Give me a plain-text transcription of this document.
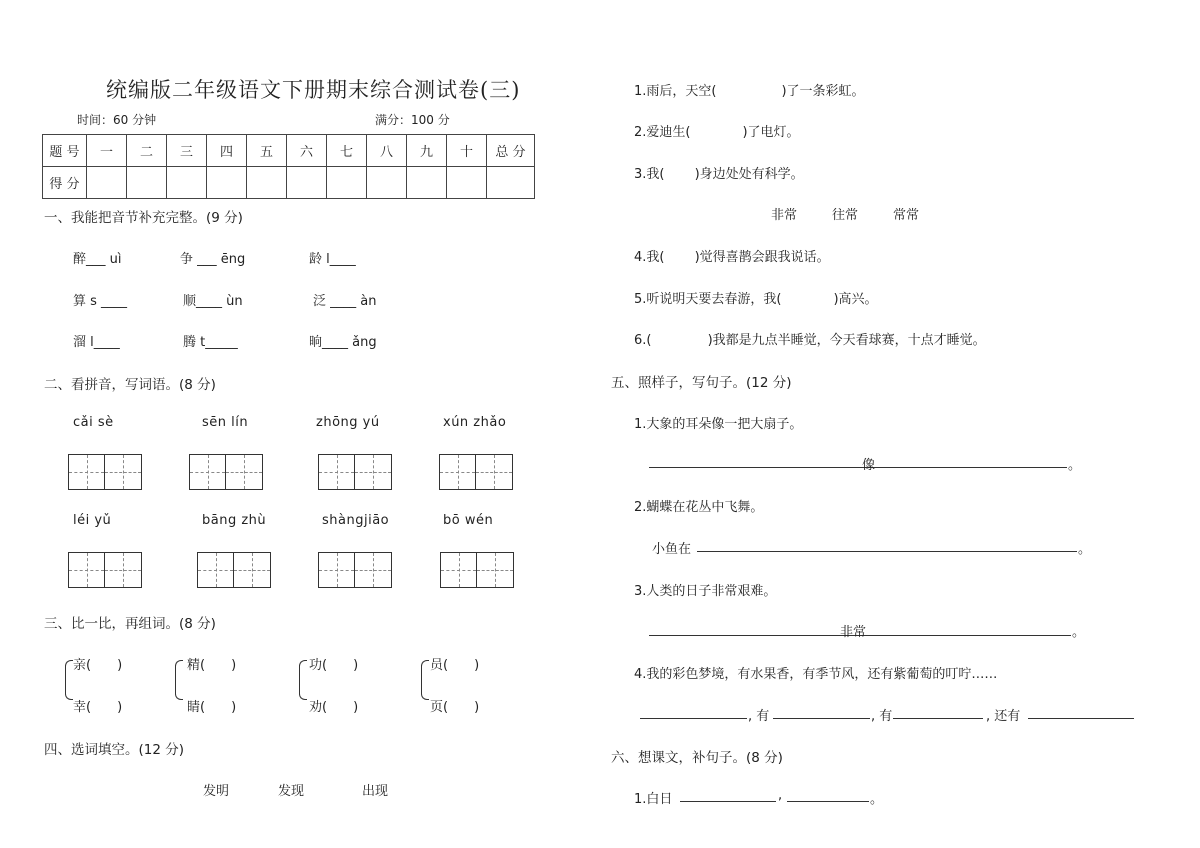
统编版二年级语文下册期末综合测试卷(三)
时间：60 分钟	满分：100 分
题 号	一	二	三	四	五	六	七	八	九	十	总 分
得 分											
一、我能把音节补充完整。(9 分)
醉___ uì	争 ___ ēng	龄 l____
算 s ____	顺____ ùn	泛 ____ àn
溜 l____	腾 t_____	晌____ ǎng
二、看拼音，写词语。(8 分)
cǎi sè	sēn lín	zhōng yú	xún zhǎo
léi yǔ	bāng zhù	shàngjiāo	bō wén
三、比一比，再组词。(8 分)
亲(　　)
幸(　　)
精(　　)
睛(　　)
功(　　)
劝(　　)
员(　　)
页(　　)
四、选词填空。(12 分)
发明	发现	出现
1.雨后，天空(　　　　　)了一条彩虹。
2.爱迪生(　　　　)了电灯。
3.我(　　 )身边处处有科学。
非常	往常	常常
4.我(　　 )觉得喜鹊会跟我说话。
5.听说明天要去春游，我(　　　　)高兴。
6.(　　　　 )我都是九点半睡觉，今天看球赛，十点才睡觉。
五、照样子，写句子。(12 分)
1.大象的耳朵像一把大扇子。
像	。
2.蝴蝶在花丛中飞舞。
小鱼在	。
3.人类的日子非常艰难。
非常	。
4.我的彩色梦境，有水果香，有季节风，还有紫葡萄的叮咛……
, 有	, 有	, 还有
六、想课文，补句子。(8 分)
1.白日	,	。
